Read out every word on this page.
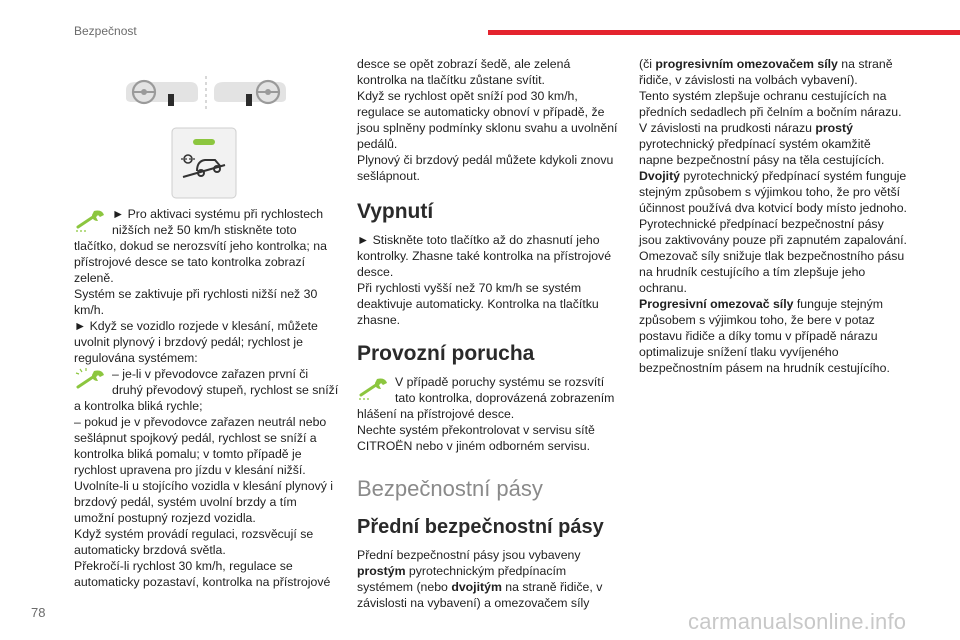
Bezpečnost

► Pro aktivaci systému při rychlostech nižších než 50 km/h stiskněte toto tlačítko, dokud se nerozsvítí jeho kontrolka; na přístrojové desce se tato kontrolka zobrazí zeleně.

Systém se zaktivuje při rychlosti nižší než 30 km/h.

► Když se vozidlo rozjede v klesání, můžete uvolnit plynový i brzdový pedál; rychlost je regulována systémem:

– je-li v převodovce zařazen první či druhý převodový stupeň, rychlost se sníží a kontrolka bliká rychle;

– pokud je v převodovce zařazen neutrál nebo sešlápnut spojkový pedál, rychlost se sníží a kontrolka bliká pomalu; v tomto případě je rychlost upravena pro jízdu v klesání nižší.

Uvolníte-li u stojícího vozidla v klesání plynový i brzdový pedál, systém uvolní brzdy a tím umožní postupný rozjezd vozidla.

Když systém provádí regulaci, rozsvěcují se automaticky brzdová světla.

Překročí-li rychlost 30 km/h, regulace se automaticky pozastaví, kontrolka na přístrojové

desce se opět zobrazí šedě, ale zelená kontrolka na tlačítku zůstane svítit.

Když se rychlost opět sníží pod 30 km/h, regulace se automaticky obnoví v případě, že jsou splněny podmínky sklonu svahu a uvolnění pedálů.

Plynový či brzdový pedál můžete kdykoli znovu sešlápnout.

Vypnutí

► Stiskněte toto tlačítko až do zhasnutí jeho kontrolky. Zhasne také kontrolka na přístrojové desce.

Při rychlosti vyšší než 70 km/h se systém deaktivuje automaticky. Kontrolka na tlačítku zhasne.

Provozní porucha

V případě poruchy systému se rozsvítí tato kontrolka, doprovázená zobrazením hlášení na přístrojové desce.

Nechte systém překontrolovat v servisu sítě CITROËN nebo v jiném odborném servisu.

Bezpečnostní pásy
Přední bezpečnostní pásy

Přední bezpečnostní pásy jsou vybaveny prostým pyrotechnickým předpínacím systémem (nebo dvojitým na straně řidiče, v závislosti na vybavení) a omezovačem síly

(či progresivním omezovačem síly na straně řidiče, v závislosti na volbách vybavení).

Tento systém zlepšuje ochranu cestujících na předních sedadlech při čelním a bočním nárazu.

V závislosti na prudkosti nárazu prostý pyrotechnický předpínací systém okamžitě napne bezpečnostní pásy na těla cestujících.

Dvojitý pyrotechnický předpínací systém funguje stejným způsobem s výjimkou toho, že pro větší účinnost používá dva kotvicí body místo jednoho.

Pyrotechnické předpínací bezpečnostní pásy jsou zaktivovány pouze při zapnutém zapalování.

Omezovač síly snižuje tlak bezpečnostního pásu na hrudník cestujícího a tím zlepšuje jeho ochranu.

Progresivní omezovač síly funguje stejným způsobem s výjimkou toho, že bere v potaz postavu řidiče a díky tomu v případě nárazu optimalizuje snížení tlaku vyvíjeného bezpečnostním pásem na hrudník cestujícího.

78	carmanualsonline.info
